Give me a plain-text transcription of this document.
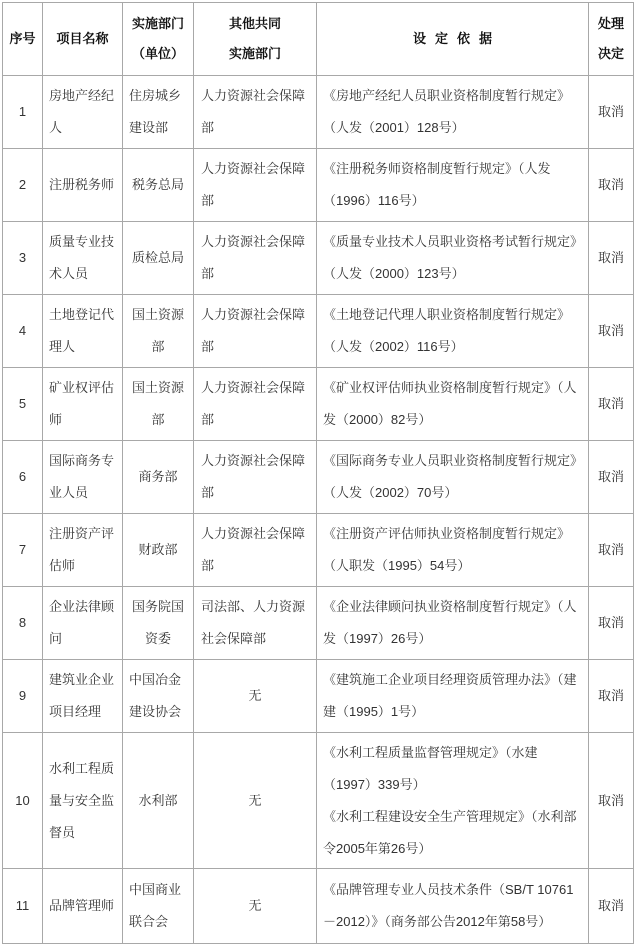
序号 项目名称
实施部门（单位）
其他共同实施部门
设 定 依 据
处理决定
1
房地产经纪人
住房城乡建设部
人力资源社会保障部
《房地产经纪人员职业资格制度暂行规定》（人发（2001）128号）
取消
2 注册税务师 税务总局
人力资源社会保障部
《注册税务师资格制度暂行规定》（人发（1996）116号）
取消
3
质量专业技术人员
质检总局
人力资源社会保障部
《质量专业技术人员职业资格考试暂行规定》（人发（2000）123号）
取消
4
土地登记代理人
国土资源部
人力资源社会保障部
《土地登记代理人职业资格制度暂行规定》（人发（2002）116号）
取消
5
矿业权评估师
国土资源部
人力资源社会保障部
《矿业权评估师执业资格制度暂行规定》（人发（2000）82号）
取消
6
国际商务专业人员
商务部
人力资源社会保障部
《国际商务专业人员职业资格制度暂行规定》（人发（2002）70号）
取消
7
注册资产评估师
财政部
人力资源社会保障部
《注册资产评估师执业资格制度暂行规定》（人职发（1995）54号）
取消
8
企业法律顾问
国务院国资委
司法部、人力资源社会保障部
《企业法律顾问执业资格制度暂行规定》（人发（1997）26号）
取消
9
建筑业企业项目经理
中国冶金建设协会
无
《建筑施工企业项目经理资质管理办法》（建建（1995）1号）
取消
10
水利工程质量与安全监督员
水利部	无
《水利工程质量监督管理规定》（水建（1997）339号）
《水利工程建设安全生产管理规定》（水利部令2005年第26号）
取消
11 品牌管理师
中国商业联合会
无
《品牌管理专业人员技术条件（SB/T 10761－2012）》（商务部公告2012年第58号）
取消
